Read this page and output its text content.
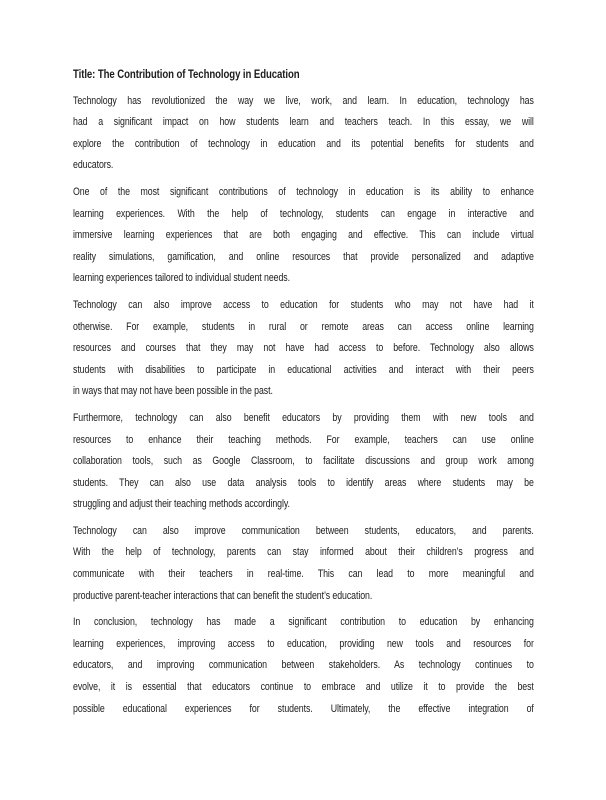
Title: The Contribution of Technology in Education
Technology has revolutionized the way we live, work, and learn. In education, technology has
had a significant impact on how students learn and teachers teach. In this essay, we will
explore the contribution of technology in education and its potential benefits for students and
educators.
One of the most significant contributions of technology in education is its ability to enhance
learning experiences. With the help of technology, students can engage in interactive and
immersive learning experiences that are both engaging and effective. This can include virtual
reality simulations, gamification, and online resources that provide personalized and adaptive
learning experiences tailored to individual student needs.
Technology can also improve access to education for students who may not have had it
otherwise. For example, students in rural or remote areas can access online learning
resources and courses that they may not have had access to before. Technology also allows
students with disabilities to participate in educational activities and interact with their peers
in ways that may not have been possible in the past.
Furthermore, technology can also benefit educators by providing them with new tools and
resources to enhance their teaching methods. For example, teachers can use online
collaboration tools, such as Google Classroom, to facilitate discussions and group work among
students. They can also use data analysis tools to identify areas where students may be
struggling and adjust their teaching methods accordingly.
Technology can also improve communication between students, educators, and parents.
With the help of technology, parents can stay informed about their children’s progress and
communicate with their teachers in real-time. This can lead to more meaningful and
productive parent-teacher interactions that can benefit the student’s education.
In conclusion, technology has made a significant contribution to education by enhancing
learning experiences, improving access to education, providing new tools and resources for
educators, and improving communication between stakeholders. As technology continues to
evolve, it is essential that educators continue to embrace and utilize it to provide the best
possible educational experiences for students. Ultimately, the effective integration of
